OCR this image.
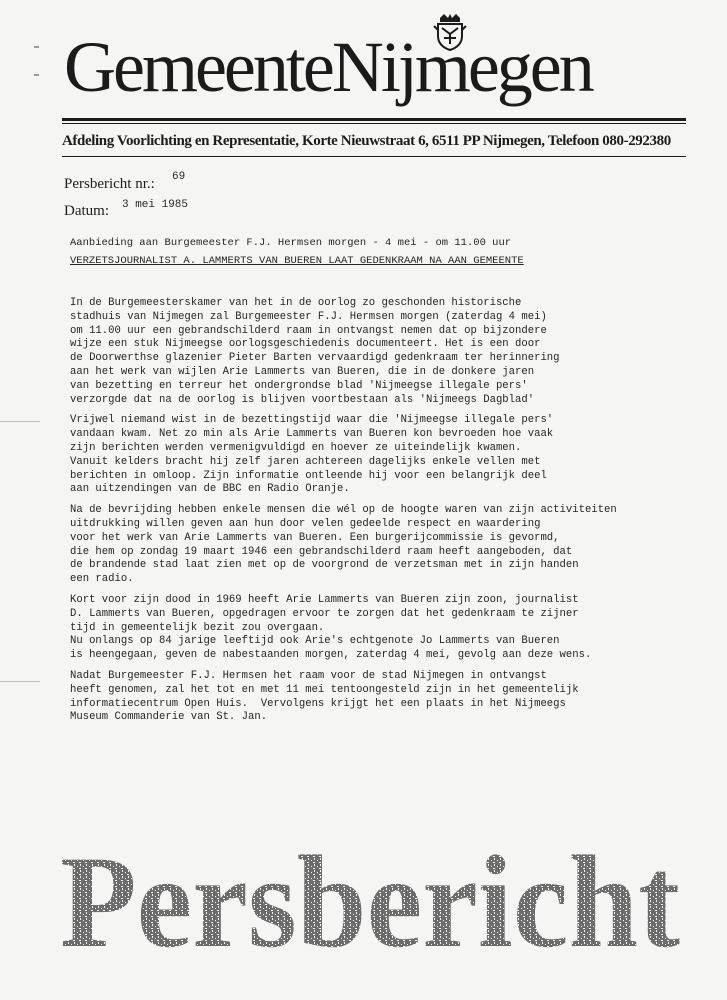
GemeenteNijmegen
Afdeling Voorlichting en Representatie, Korte Nieuwstraat 6, 6511 PP Nijmegen, Telefoon 080-292380
Persbericht nr.: 69
Datum: 3 mei 1985
Aanbieding aan Burgemeester F.J. Hermsen morgen - 4 mei - om 11.00 uur
VERZETSJOURNALIST A. LAMMERTS VAN BUEREN LAAT GEDENKRAAM NA AAN GEMEENTE

In de Burgemeesterskamer van het in de oorlog zo geschonden historische
stadhuis van Nijmegen zal Burgemeester F.J. Hermsen morgen (zaterdag 4 mei)
om 11.00 uur een gebrandschilderd raam in ontvangst nemen dat op bijzondere
wijze een stuk Nijmeegse oorlogsgeschiedenis documenteert. Het is een door
de Doorwerthse glazenier Pieter Barten vervaardigd gedenkraam ter herinnering
aan het werk van wijlen Arie Lammerts van Bueren, die in de donkere jaren
van bezetting en terreur het ondergrondse blad 'Nijmeegse illegale pers'
verzorgde dat na de oorlog is blijven voortbestaan als 'Nijmeegs Dagblad'

Vrijwel niemand wist in de bezettingstijd waar die 'Nijmeegse illegale pers'
vandaan kwam. Net zo min als Arie Lammerts van Bueren kon bevroeden hoe vaak
zijn berichten werden vermenigvuldigd en hoever ze uiteindelijk kwamen.
Vanuit kelders bracht hij zelf jaren achtereen dagelijks enkele vellen met
berichten in omloop. Zijn informatie ontleende hij voor een belangrijk deel
aan uitzendingen van de BBC en Radio Oranje.

Na de bevrijding hebben enkele mensen die wél op de hoogte waren van zijn activiteiten
uitdrukking willen geven aan hun door velen gedeelde respect en waardering
voor het werk van Arie Lammerts van Bueren. Een burgerijcommissie is gevormd,
die hem op zondag 19 maart 1946 een gebrandschilderd raam heeft aangeboden, dat
de brandende stad laat zien met op de voorgrond de verzetsman met in zijn handen
een radio.

Kort voor zijn dood in 1969 heeft Arie Lammerts van Bueren zijn zoon, journalist
D. Lammerts van Bueren, opgedragen ervoor te zorgen dat het gedenkraam te zijner
tijd in gemeentelijk bezit zou overgaan.
Nu onlangs op 84 jarige leeftijd ook Arie's echtgenote Jo Lammerts van Bueren
is heengegaan, geven de nabestaanden morgen, zaterdag 4 mei, gevolg aan deze wens.

Nadat Burgemeester F.J. Hermsen het raam voor de stad Nijmegen in ontvangst
heeft genomen, zal het tot en met 11 mei tentoongesteld zijn in het gemeentelijk
informatiecentrum Open Huis.  Vervolgens krijgt het een plaats in het Nijmeegs
Museum Commanderie van St. Jan.

Persbericht
